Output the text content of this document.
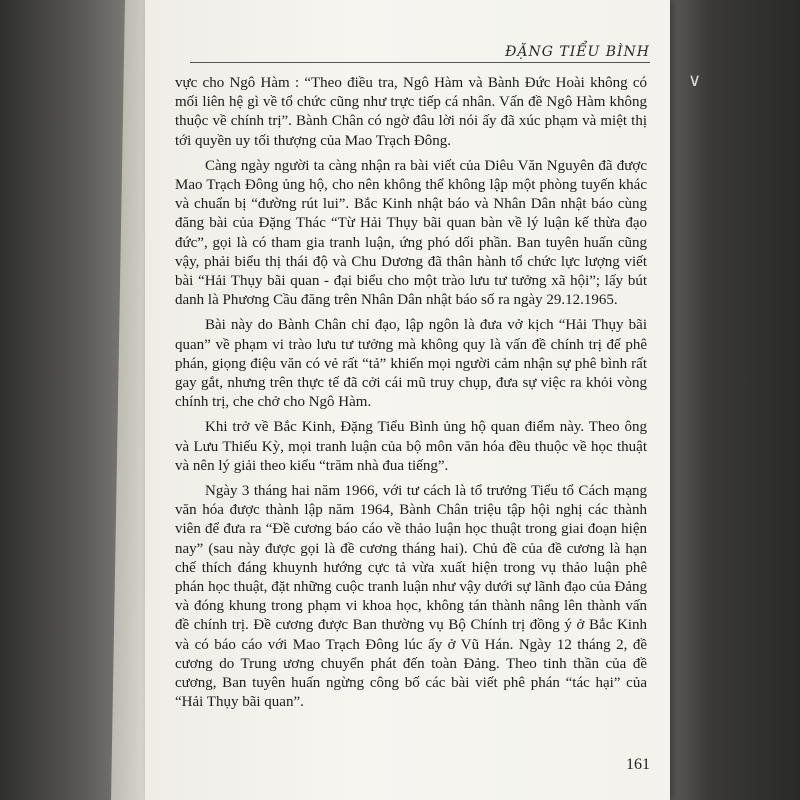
∨
ĐẶNG TIỂU BÌNH

vực cho Ngô Hàm : “Theo điều tra, Ngô Hàm và Bành Đức Hoài không có mối liên hệ gì về tổ chức cũng như trực tiếp cá nhân. Vấn đề Ngô Hàm không thuộc về chính trị”. Bành Chân có ngờ đâu lời nói ấy đã xúc phạm và miệt thị tới quyền uy tối thượng của Mao Trạch Đông.

Càng ngày người ta càng nhận ra bài viết của Diêu Văn Nguyên đã được Mao Trạch Đông ủng hộ, cho nên không thể không lập một phòng tuyến khác và chuẩn bị “đường rút lui”. Bắc Kinh nhật báo và Nhân Dân nhật báo cùng đăng bài của Đặng Thác “Từ Hải Thụy bãi quan bàn về lý luận kế thừa đạo đức”, gọi là có tham gia tranh luận, ứng phó dối phần. Ban tuyên huấn cũng vậy, phải biểu thị thái độ và Chu Dương đã thân hành tổ chức lực lượng viết bài “Hải Thụy bãi quan - đại biểu cho một trào lưu tư tưởng xã hội”; lấy bút danh là Phương Cầu đăng trên Nhân Dân nhật báo số ra ngày 29.12.1965.

Bài này do Bành Chân chỉ đạo, lập ngôn là đưa vở kịch “Hải Thụy bãi quan” về phạm vi trào lưu tư tưởng mà không quy là vấn đề chính trị để phê phán, giọng điệu văn có vẻ rất “tả” khiến mọi người cảm nhận sự phê bình rất gay gắt, nhưng trên thực tế đã cởi cái mũ truy chụp, đưa sự việc ra khỏi vòng chính trị, che chở cho Ngô Hàm.

Khi trở về Bắc Kinh, Đặng Tiểu Bình ủng hộ quan điểm này. Theo ông và Lưu Thiếu Kỳ, mọi tranh luận của bộ môn văn hóa đều thuộc về học thuật và nên lý giải theo kiểu “trăm nhà đua tiếng”.

Ngày 3 tháng hai năm 1966, với tư cách là tổ trưởng Tiểu tổ Cách mạng văn hóa được thành lập năm 1964, Bành Chân triệu tập hội nghị các thành viên để đưa ra “Đề cương báo cáo về thảo luận học thuật trong giai đoạn hiện nay” (sau này được gọi là đề cương tháng hai). Chủ đề của đề cương là hạn chế thích đáng khuynh hướng cực tả vừa xuất hiện trong vụ thảo luận phê phán học thuật, đặt những cuộc tranh luận như vậy dưới sự lãnh đạo của Đảng và đóng khung trong phạm vi khoa học, không tán thành nâng lên thành vấn đề chính trị. Đề cương được Ban thường vụ Bộ Chính trị đồng ý ở Bắc Kinh và có báo cáo với Mao Trạch Đông lúc ấy ở Vũ Hán. Ngày 12 tháng 2, đề cương do Trung ương chuyển phát đến toàn Đảng. Theo tinh thần của đề cương, Ban tuyên huấn ngừng công bố các bài viết phê phán “tác hại” của “Hải Thụy bãi quan”.

161
